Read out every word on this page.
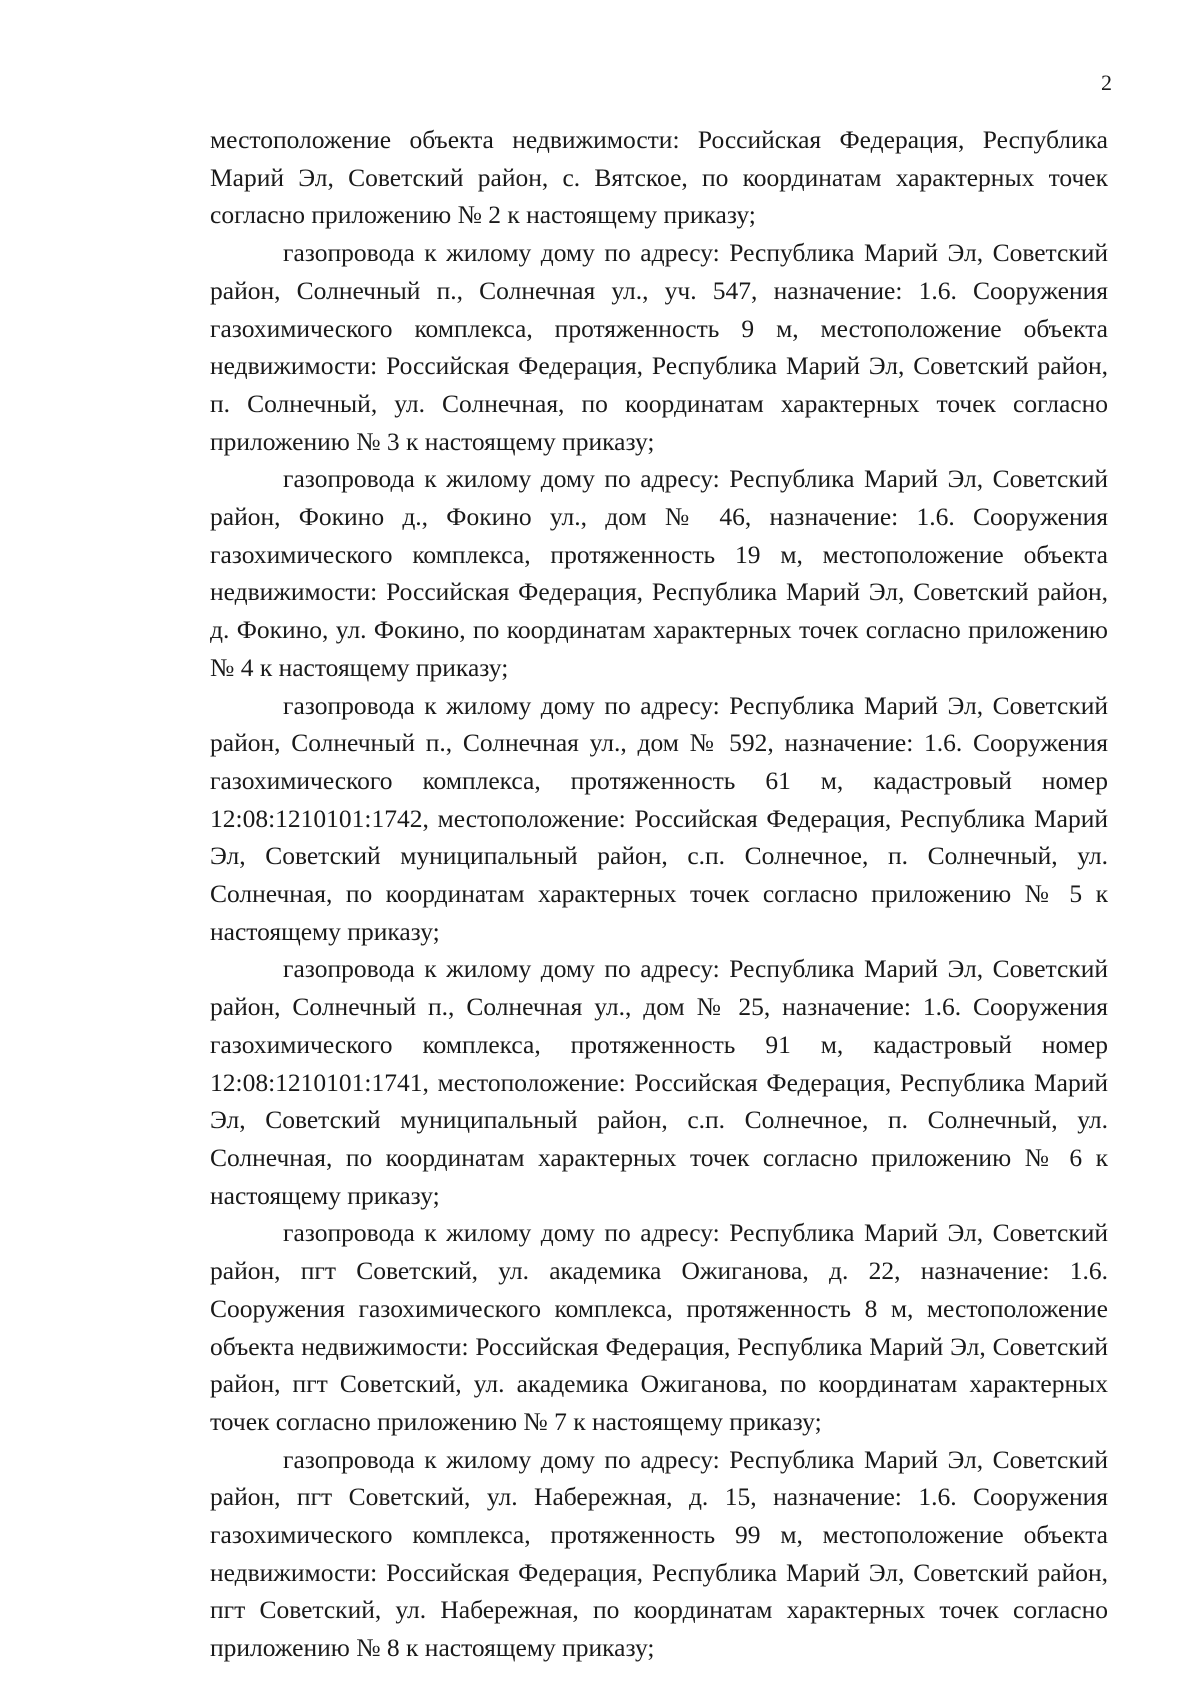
2

местоположение объекта недвижимости: Российская Федерация, Республика Марий Эл, Советский район, с. Вятское, по координатам характерных точек согласно приложению № 2 к настоящему приказу;

газопровода к жилому дому по адресу: Республика Марий Эл, Советский район, Солнечный п., Солнечная ул., уч. 547, назначение: 1.6. Сооружения газохимического комплекса, протяженность 9 м, местоположение объекта недвижимости: Российская Федерация, Республика Марий Эл, Советский район, п. Солнечный, ул. Солнечная, по координатам характерных точек согласно приложению № 3 к настоящему приказу;

газопровода к жилому дому по адресу: Республика Марий Эл, Советский район, Фокино д., Фокино ул., дом № 46, назначение: 1.6. Сооружения газохимического комплекса, протяженность 19 м, местоположение объекта недвижимости: Российская Федерация, Республика Марий Эл, Советский район, д. Фокино, ул. Фокино, по координатам характерных точек согласно приложению № 4 к настоящему приказу;

газопровода к жилому дому по адресу: Республика Марий Эл, Советский район, Солнечный п., Солнечная ул., дом № 592, назначение: 1.6. Сооружения газохимического комплекса, протяженность 61 м, кадастровый номер 12:08:1210101:1742, местоположение: Российская Федерация, Республика Марий Эл, Советский муниципальный район, с.п. Солнечное, п. Солнечный, ул. Солнечная, по координатам характерных точек согласно приложению № 5 к настоящему приказу;

газопровода к жилому дому по адресу: Республика Марий Эл, Советский район, Солнечный п., Солнечная ул., дом № 25, назначение: 1.6. Сооружения газохимического комплекса, протяженность 91 м, кадастровый номер 12:08:1210101:1741, местоположение: Российская Федерация, Республика Марий Эл, Советский муниципальный район, с.п. Солнечное, п. Солнечный, ул. Солнечная, по координатам характерных точек согласно приложению № 6 к настоящему приказу;

газопровода к жилому дому по адресу: Республика Марий Эл, Советский район, пгт Советский, ул. академика Ожиганова, д. 22, назначение: 1.6. Сооружения газохимического комплекса, протяженность 8 м, местоположение объекта недвижимости: Российская Федерация, Республика Марий Эл, Советский район, пгт Советский, ул. академика Ожиганова, по координатам характерных точек согласно приложению № 7 к настоящему приказу;

газопровода к жилому дому по адресу: Республика Марий Эл, Советский район, пгт Советский, ул. Набережная, д. 15, назначение: 1.6. Сооружения газохимического комплекса, протяженность 99 м, местоположение объекта недвижимости: Российская Федерация, Республика Марий Эл, Советский район, пгт Советский, ул. Набережная, по координатам характерных точек согласно приложению № 8 к настоящему приказу;
